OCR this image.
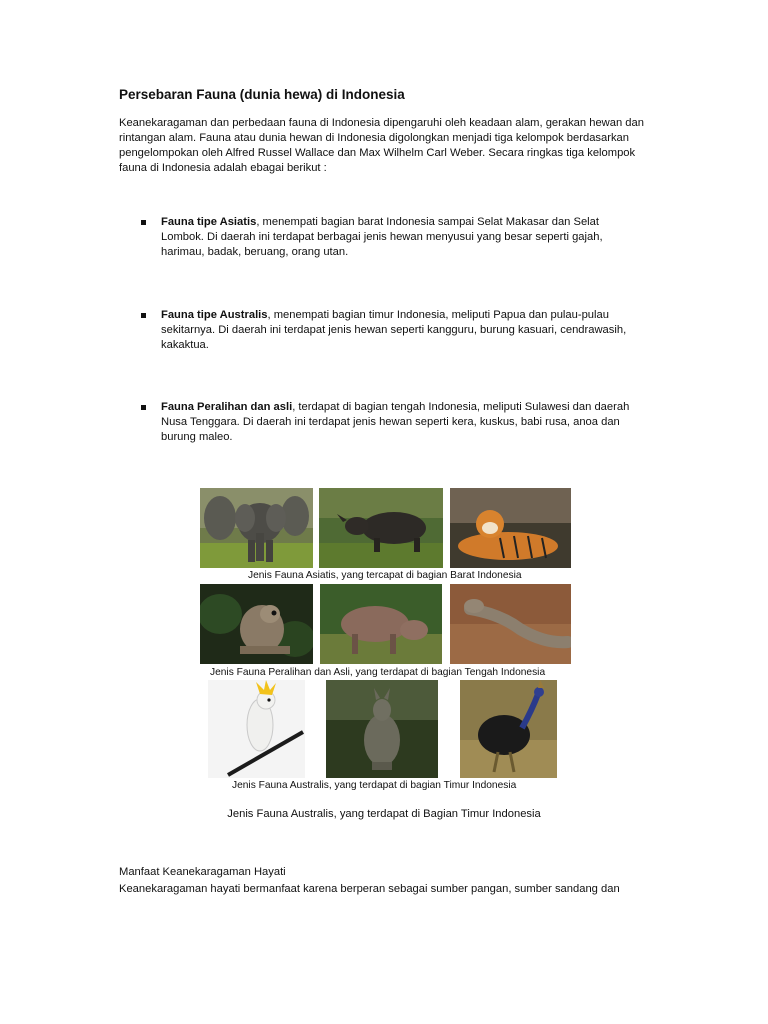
Persebaran Fauna (dunia hewa) di Indonesia
Keanekaragaman dan perbedaan fauna di Indonesia dipengaruhi oleh keadaan alam, gerakan hewan dan rintangan alam. Fauna atau dunia hewan di Indonesia digolongkan menjadi tiga kelompok berdasarkan pengelompokan oleh Alfred Russel Wallace dan Max Wilhelm Carl Weber. Secara ringkas tiga kelompok fauna di Indonesia adalah ebagai berikut :
Fauna tipe Asiatis, menempati bagian barat Indonesia sampai Selat Makasar dan Selat Lombok. Di daerah ini terdapat berbagai jenis hewan menyusui yang besar seperti gajah, harimau, badak, beruang, orang utan.
Fauna tipe Australis, menempati bagian timur Indonesia, meliputi Papua dan pulau-pulau sekitarnya. Di daerah ini terdapat jenis hewan seperti kangguru, burung kasuari, cendrawasih, kakaktua.
Fauna Peralihan dan asli, terdapat di bagian tengah Indonesia, meliputi Sulawesi dan daerah Nusa Tenggara. Di daerah ini terdapat jenis hewan seperti kera, kuskus, babi rusa, anoa dan burung maleo.
Jenis Fauna Asiatis, yang tercapat di bagian Barat Indonesia
Jenis Fauna Peralihan dan Asli, yang terdapat di bagian Tengah Indonesia
Jenis Fauna Australis, yang terdapat di bagian Timur Indonesia
Jenis Fauna Australis, yang terdapat di Bagian Timur Indonesia
Manfaat Keanekaragaman Hayati
Keanekaragaman hayati bermanfaat karena berperan sebagai sumber pangan, sumber sandang dan
